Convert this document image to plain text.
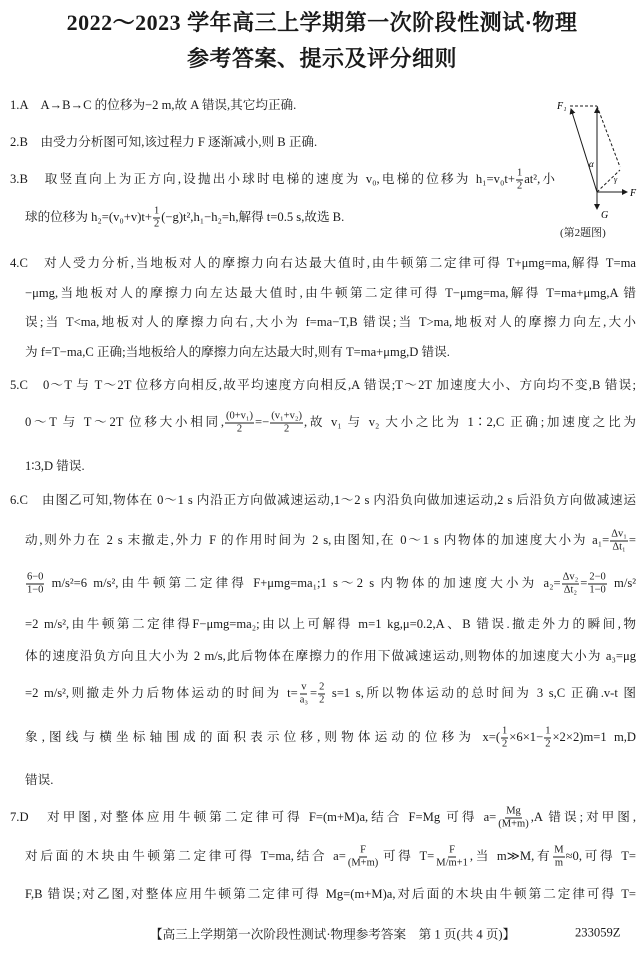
2022～2023 学年高三上学期第一次阶段性测试·物理
参考答案、提示及评分细则
1.A　A→B→C 的位移为−2 m,故 A 错误,其它均正确.
2.B　由受力分析图可知,该过程力 F 逐渐减小,则 B 正确.
3.B　取竖直向上为正方向,设抛出小球时电梯的速度为 v₀,电梯的位移为 $h_1=v_0t+ \frac{1}{2} at^2$,小
球的位移为 $h_2=(v_0+v)t+ \frac{1}{2} (-g)t^2,h_1-h_2=h$,解得 t=0.5 s,故选 B.
4.C　对人受力分析,当地板对人的摩擦力向右达最大值时,由牛顿第二定律可得 T+μmg=ma,解得 T=ma
−μmg,当地板对人的摩擦力向左达最大值时,由牛顿第二定律可得 T−μmg=ma,解得 T=ma+μmg,A 错
误;当 T<ma,地板对人的摩擦力向右,大小为 f=ma−T,B 错误;当 T>ma,地板对人的摩擦力向左,大小
为 f=T−ma,C 正确;当地板给人的摩擦力向左达最大时,则有 T=ma+μmg,D 错误.
5.C　0～T 与 T～2T 位移方向相反,故平均速度方向相反,A 错误;T～2T 加速度大小、方向均不变,B 错误;
0～T 与 T～2T 位移大小相同, $\frac{\text{(0+v₁)}}{2} =- \frac{\text{(v₁+v₂)}}{2}$ ,故 v₁ 与 v₂ 大小之比为 1∶2,C 正确;加速度之比为
1∶3,D 错误.
6.C　由图乙可知,物体在 0～1 s 内沿正方向做减速运动,1～2 s 内沿负向做加速运动,2 s 后沿负方向做减速运
动,则外力在 2 s 末撤走,外力 F 的作用时间为 2 s,由图知,在 0～1 s 内物体的加速度大小为 $a_1= \frac{\text{Δv₁}}{\text{Δt₁}}$ =
$\frac{6-0}{1-0} m/s^2=6$ m/s²,由牛顿第二定律得 F+μmg=ma₁;1 s～2 s 内物体的加速度大小为 $a_2= \frac{\text{Δv₂}}{\text{Δt₂}} = \frac{2-0}{1-0} m/s^2$
=2 m/s²,由牛顿第二定律得F−μmg=ma₂;由以上可解得 m=1 kg,μ=0.2,A、B 错误.撤走外力的瞬间,物
体的速度沿负方向且大小为 2 m/s,此后物体在摩擦力的作用下做减速运动,则物体的加速度大小为 a₃=μg
=2 m/s²,则撤走外力后物体运动的时间为 $t= \frac{v}{\text{a₃}} = \frac{2}{2} s=1$ s,所以物体运动的总时间为 3 s,C 正确.v-t 图
象,图线与横坐标轴围成的面积表示位移,则物体运动的位移为 $x=( \frac{1}{2} \times 6\times 1- \frac{1}{2} \times 2\times 2)m=1$ m,D
错误.
7.D　对甲图,对整体应用牛顿第二定律可得 F=(m+M)a,结合 F=Mg 可得 $a= \frac{Mg}{(M+m)} ,A$ 错误;对甲图,
对后面的木块由牛顿第二定律可得 T=ma,结合 $a= \frac{F}{(M+m)}$ 可得 $T= \frac{F}{M/m+1}$ ,当 m≫M,有 $\frac{M}{m} \approx 0$,可得 T=
F,B 错误;对乙图,对整体应用牛顿第二定律可得 Mg=(m+M)a,对后面的木块由牛顿第二定律可得 T=
F₁
F
G
α
γ
(第2题图)
【高三上学期第一次阶段性测试·物理参考答案　第 1 页(共 4 页)】	233059Z
